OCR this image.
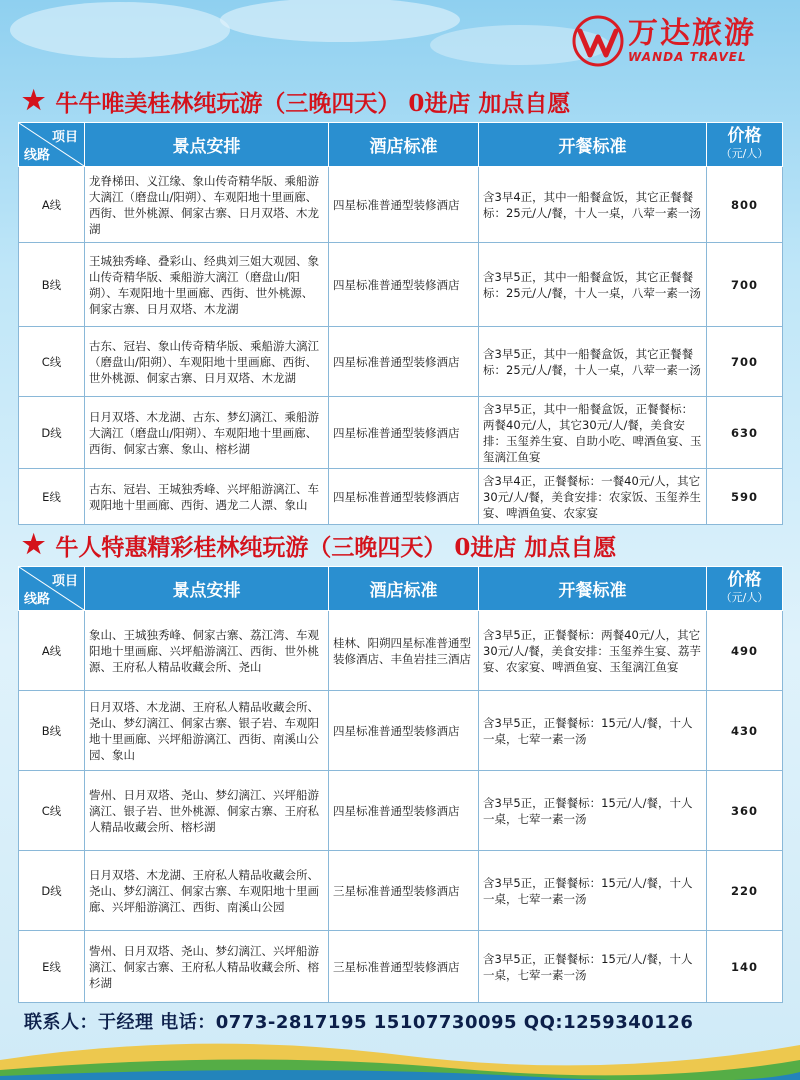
万达旅游
WANDA TRAVEL
★ 牛牛唯美桂林纯玩游（三晚四天） 0进店 加点自愿
项目
线路	景点安排	酒店标准	开餐标准	价格
（元/人）

A线	龙脊梯田、义江缘、象山传奇精华版、乘船游大漓江（磨盘山/阳朔）、车观阳地十里画廊、西街、世外桃源、侗家古寨、日月双塔、木龙湖	四星标准普通型装修酒店	含3早4正，其中一船餐盒饭，其它正餐餐标：25元/人/餐，十人一桌，八荤一素一汤	800
B线	王城独秀峰、叠彩山、经典刘三姐大观园、象山传奇精华版、乘船游大漓江（磨盘山/阳朔）、车观阳地十里画廊、西街、世外桃源、侗家古寨、日月双塔、木龙湖	四星标准普通型装修酒店	含3早5正，其中一船餐盒饭，其它正餐餐标：25元/人/餐，十人一桌，八荤一素一汤	700
C线	古东、冠岩、象山传奇精华版、乘船游大漓江（磨盘山/阳朔）、车观阳地十里画廊、西街、世外桃源、侗家古寨、日月双塔、木龙湖	四星标准普通型装修酒店	含3早5正，其中一船餐盒饭，其它正餐餐标：25元/人/餐，十人一桌，八荤一素一汤	700
D线	日月双塔、木龙湖、古东、梦幻漓江、乘船游大漓江（磨盘山/阳朔）、车观阳地十里画廊、西街、侗家古寨、象山、榕杉湖	四星标准普通型装修酒店	含3早5正，其中一船餐盒饭，正餐餐标：两餐40元/人，其它30元/人/餐，美食安排：玉玺养生宴、自助小吃、啤酒鱼宴、玉玺漓江鱼宴	630
E线	古东、冠岩、王城独秀峰、兴坪船游漓江、车观阳地十里画廊、西街、遇龙二人漂、象山	四星标准普通型装修酒店	含3早4正，正餐餐标：一餐40元/人，其它30元/人/餐，美食安排：农家饭、玉玺养生宴、啤酒鱼宴、农家宴	590
★ 牛人特惠精彩桂林纯玩游（三晚四天） 0进店 加点自愿
项目
线路	景点安排	酒店标准	开餐标准	价格
（元/人）

A线	象山、王城独秀峰、侗家古寨、荔江湾、车观阳地十里画廊、兴坪船游漓江、西街、世外桃源、王府私人精品收藏会所、尧山	桂林、阳朔四星标准普通型装修酒店、丰鱼岩挂三酒店	含3早5正，正餐餐标：两餐40元/人，其它30元/人/餐，美食安排：玉玺养生宴、荔芋宴、农家宴、啤酒鱼宴、玉玺漓江鱼宴	490
B线	日月双塔、木龙湖、王府私人精品收藏会所、尧山、梦幻漓江、侗家古寨、银子岩、车观阳地十里画廊、兴坪船游漓江、西街、南溪山公园、象山	四星标准普通型装修酒店	含3早5正，正餐餐标：15元/人/餐，十人一桌，七荤一素一汤	430
C线	訾州、日月双塔、尧山、梦幻漓江、兴坪船游漓江、银子岩、世外桃源、侗家古寨、王府私人精品收藏会所、榕杉湖	四星标准普通型装修酒店	含3早5正，正餐餐标：15元/人/餐，十人一桌，七荤一素一汤	360
D线	日月双塔、木龙湖、王府私人精品收藏会所、尧山、梦幻漓江、侗家古寨、车观阳地十里画廊、兴坪船游漓江、西街、南溪山公园	三星标准普通型装修酒店	含3早5正，正餐餐标：15元/人/餐，十人一桌，七荤一素一汤	220
E线	訾州、日月双塔、尧山、梦幻漓江、兴坪船游漓江、侗家古寨、王府私人精品收藏会所、榕杉湖	三星标准普通型装修酒店	含3早5正，正餐餐标：15元/人/餐，十人一桌，七荤一素一汤	140
联系人：于经理 电话：0773-2817195 15107730095 QQ:1259340126
